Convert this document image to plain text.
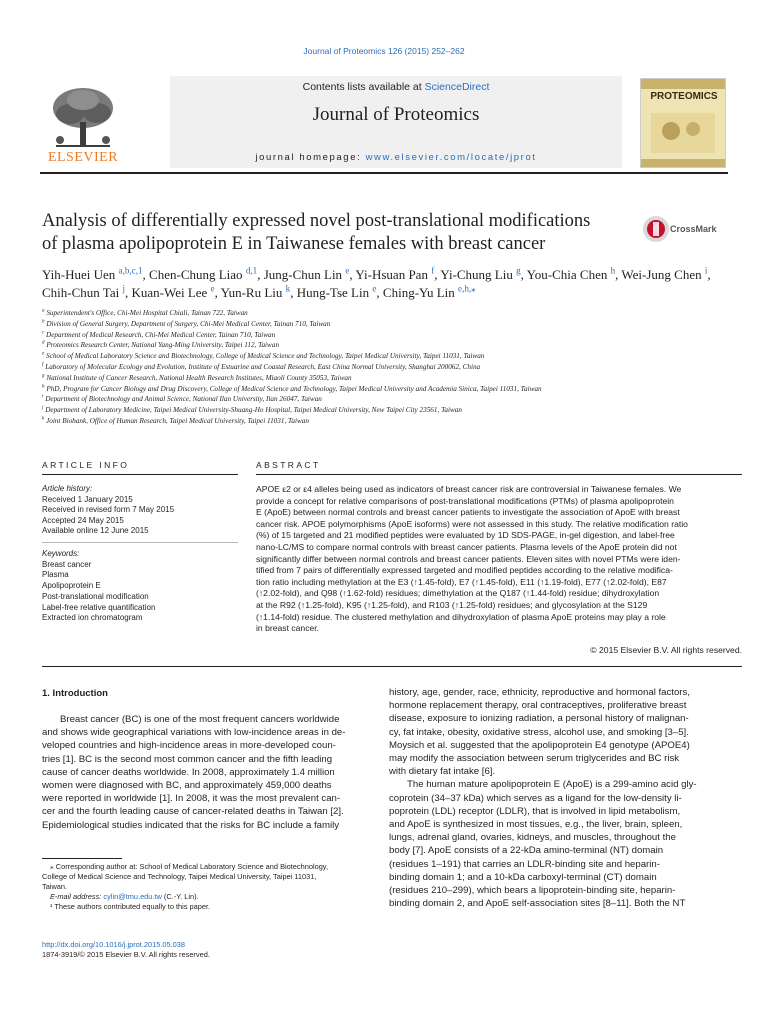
Journal of Proteomics 126 (2015) 252–262
ELSEVIER
Contents lists available at ScienceDirect
Journal of Proteomics
journal homepage: www.elsevier.com/locate/jprot
PROTEOMICS
Analysis of differentially expressed novel post-translational modifications
of plasma apolipoprotein E in Taiwanese females with breast cancer
CrossMark
Yih-Huei Uen $^{a,b,c,1}$, Chen-Chung Liao $^{d,1}$, Jung-Chun Lin $^e$, Yi-Hsuan Pan $^f$, Yi-Chung Liu $^g$, You-Chia Chen $^h$, Wei-Jung Chen $^i$, Chih-Chun Tai $^j$, Kuan-Wei Lee $^e$, Yun-Ru Liu $^k$, Hung-Tse Lin $^e$, Ching-Yu Lin $^{e,h,⁎}$
$^a$ Superintendent's Office, Chi-Mei Hospital Chiali, Tainan 722, Taiwan
$^b$ Division of General Surgery, Department of Surgery, Chi-Mei Medical Center, Tainan 710, Taiwan
$^c$ Department of Medical Research, Chi-Mei Medical Center, Tainan 710, Taiwan
$^d$ Proteomics Research Center, National Yang-Ming University, Taipei 112, Taiwan
$^e$ School of Medical Laboratory Science and Biotechnology, College of Medical Science and Technology, Taipei Medical University, Taipei 11031, Taiwan
$^f$ Laboratory of Molecular Ecology and Evolution, Institute of Estuarine and Coastal Research, East China Normal University, Shanghai 200062, China
$^g$ National Institute of Cancer Research, National Health Research Institutes, Miaoli County 35053, Taiwan
$^h$ PhD, Program for Cancer Biology and Drug Discovery, College of Medical Science and Technology, Taipei Medical University and Academia Sinica, Taipei 11031, Taiwan
$^i$ Department of Biotechnology and Animal Science, National Ilan University, Ilan 26047, Taiwan
$^j$ Department of Laboratory Medicine, Taipei Medical University-Shuang-Ho Hospital, Taipei Medical University, New Taipei City 23561, Taiwan
$^k$ Joint Biobank, Office of Human Research, Taipei Medical University, Taipei 11031, Taiwan
ARTICLE INFO	ABSTRACT
Article history:
Received 1 January 2015
Received in revised form 7 May 2015
Accepted 24 May 2015
Available online 12 June 2015
Keywords:
Breast cancer
Plasma
Apolipoprotein E
Post-translational modification
Label-free relative quantification
Extracted ion chromatogram
APOE ε2 or ε4 alleles being used as indicators of breast cancer risk are controversial in Taiwanese females. We
provide a concept for relative comparisons of post-translational modifications (PTMs) of plasma apolipoprotein
E (ApoE) between normal controls and breast cancer patients to investigate the association of ApoE with breast
cancer risk. APOE polymorphisms (ApoE isoforms) were not assessed in this study. The relative modification ratio
(%) of 15 targeted and 21 modified peptides were evaluated by 1D SDS-PAGE, in-gel digestion, and label-free
nano-LC/MS to compare normal controls with breast cancer patients. Plasma levels of the ApoE protein did not
significantly differ between normal controls and breast cancer patients. Eleven sites with novel PTMs were iden-
tified from 7 pairs of differentially expressed targeted and modified peptides according to the relative modifica-
tion ratio including methylation at the E3 (↑1.45-fold), E7 (↑1.45-fold), E11 (↑1.19-fold), E77 (↑2.02-fold), E87
(↑2.02-fold), and Q98 (↑1.62-fold) residues; dimethylation at the Q187 (↑1.44-fold) residue; dihydroxylation
at the R92 (↑1.25-fold), K95 (↑1.25-fold), and R103 (↑1.25-fold) residues; and glycosylation at the S129
(↑1.14-fold) residue. The clustered methylation and dihydroxylation of plasma ApoE proteins may play a role
in breast cancer.
© 2015 Elsevier B.V. All rights reserved.
1. Introduction
Breast cancer (BC) is one of the most frequent cancers worldwide
and shows wide geographical variations with low-incidence areas in de-
veloped countries and high-incidence areas in more-developed coun-
tries [1]. BC is the second most common cancer and the fifth leading
cause of cancer deaths worldwide. In 2008, approximately 1.4 million
women were diagnosed with BC, and approximately 459,000 deaths
were reported in worldwide [1]. In 2008, it was the most prevalent can-
cer and the fourth leading cause of cancer-related deaths in Taiwan [2].
Epidemiological studies indicated that the risks for BC include a family

history, age, gender, race, ethnicity, reproductive and hormonal factors,
hormone replacement therapy, oral contraceptives, proliferative breast
disease, exposure to ionizing radiation, a personal history of malignan-
cy, fat intake, obesity, oxidative stress, alcohol use, and smoking [3–5].
Moysich et al. suggested that the apolipoprotein E4 genotype (APOE4)
may modify the association between serum triglycerides and BC risk
with dietary fat intake [6].

The human mature apolipoprotein E (ApoE) is a 299-amino acid gly-
coprotein (34–37 kDa) which serves as a ligand for the low-density li-
poprotein (LDL) receptor (LDLR), that is involved in lipid metabolism,
and ApoE is synthesized in most tissues, e.g., the liver, brain, spleen,
lungs, adrenal gland, ovaries, kidneys, and muscles, throughout the
body [7]. ApoE consists of a 22-kDa amino-terminal (NT) domain
(residues 1–191) that carries an LDLR-binding site and heparin-
binding domain 1; and a 10-kDa carboxyl-terminal (CT) domain
(residues 210–299), which bears a lipoprotein-binding site, heparin-
binding domain 2, and ApoE self-association sites [8–11]. Both the NT

⁎ Corresponding author at: School of Medical Laboratory Science and Biotechnology,
College of Medical Science and Technology, Taipei Medical University, Taipei 11031,
Taiwan.
E-mail address: cylin@tmu.edu.tw (C.-Y. Lin).
¹ These authors contributed equally to this paper.
http://dx.doi.org/10.1016/j.jprot.2015.05.038
1874-3919/© 2015 Elsevier B.V. All rights reserved.
